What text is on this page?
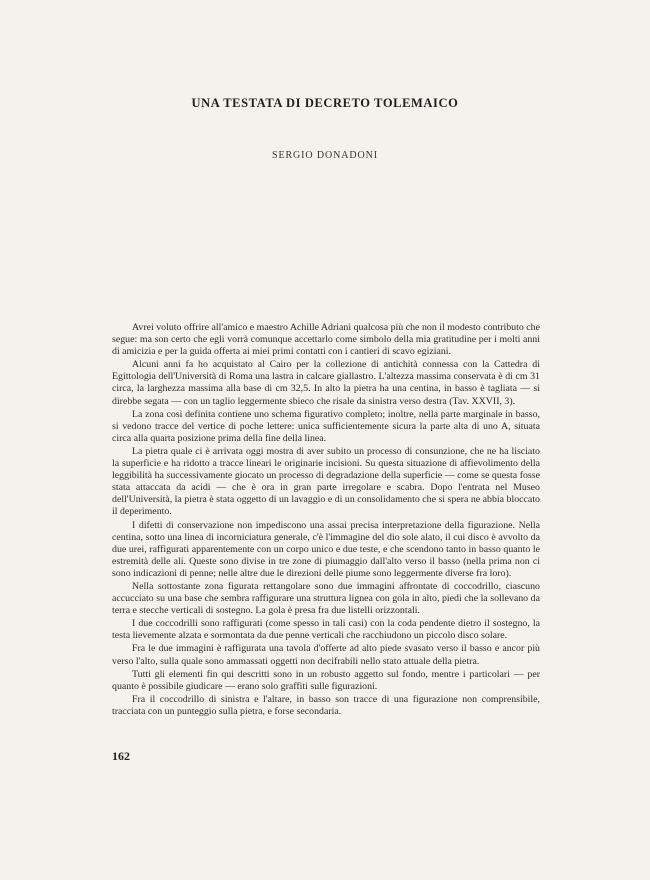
UNA TESTATA DI DECRETO TOLEMAICO
SERGIO DONADONI

Avrei voluto offrire all'amico e maestro Achille Adriani qualcosa più che non il modesto contributo che segue: ma son certo che egli vorrà comunque accettarlo come simbolo della mia gratitudine per i molti anni di amicizia e per la guida offerta ai miei primi contatti con i cantieri di scavo egiziani.

Alcuni anni fa ho acquistato al Cairo per la collezione di antichità connessa con la Cattedra di Egittologia dell'Università di Roma una lastra in calcare giallastro. L'altezza massima conservata è di cm 31 circa, la larghezza massima alla base di cm 32,5. In alto la pietra ha una centina, in basso è tagliata — si direbbe segata — con un taglio leggermente sbieco che risale da sinistra verso destra (Tav. XXVII, 3).

La zona così definita contiene uno schema figurativo completo; inoltre, nella parte marginale in basso, si vedono tracce del vertice di poche lettere: unica sufficientemente sicura la parte alta di uno A, situata circa alla quarta posizione prima della fine della linea.

La pietra quale ci è arrivata oggi mostra di aver subito un processo di consunzione, che ne ha lisciato la superficie e ha ridotto a tracce lineari le originarie incisioni. Su questa situazione di affievolimento della leggibilità ha successivamente giocato un processo di degradazione della superficie — come se questa fosse stata attaccata da acidi — che è ora in gran parte irregolare e scabra. Dopo l'entrata nel Museo dell'Università, la pietra è stata oggetto di un lavaggio e di un consolidamento che si spera ne abbia bloccato il deperimento.

I difetti di conservazione non impediscono una assai precisa interpretazione della figurazione. Nella centina, sotto una linea di incorniciatura generale, c'è l'immagine del dio sole alato, il cui disco è avvolto da due urei, raffigurati apparentemente con un corpo unico e due teste, e che scendono tanto in basso quanto le estremità delle ali. Queste sono divise in tre zone di piumaggio dall'alto verso il basso (nella prima non ci sono indicazioni di penne; nelle altre due le direzioni delle piume sono leggermente diverse fra loro).

Nella sottostante zona figurata rettangolare sono due immagini affrontate di coccodrillo, ciascuno accucciato su una base che sembra raffigurare una struttura lignea con gola in alto, piedi che la sollevano da terra e stecche verticali di sostegno. La gola è presa fra due listelli orizzontali.

I due coccodrilli sono raffigurati (come spesso in tali casi) con la coda pendente dietro il sostegno, la testa lievemente alzata e sormontata da due penne verticali che racchiudono un piccolo disco solare.

Fra le due immagini è raffigurata una tavola d'offerte ad alto piede svasato verso il basso e ancor più verso l'alto, sulla quale sono ammassati oggetti non decifrabili nello stato attuale della pietra.

Tutti gli elementi fin qui descritti sono in un robusto aggetto sul fondo, mentre i particolari — per quanto è possibile giudicare — erano solo graffiti sulle figurazioni.

Fra il coccodrillo di sinistra e l'altare, in basso son tracce di una figurazione non comprensibile, tracciata con un punteggio sulla pietra, e forse secondaria.

162
